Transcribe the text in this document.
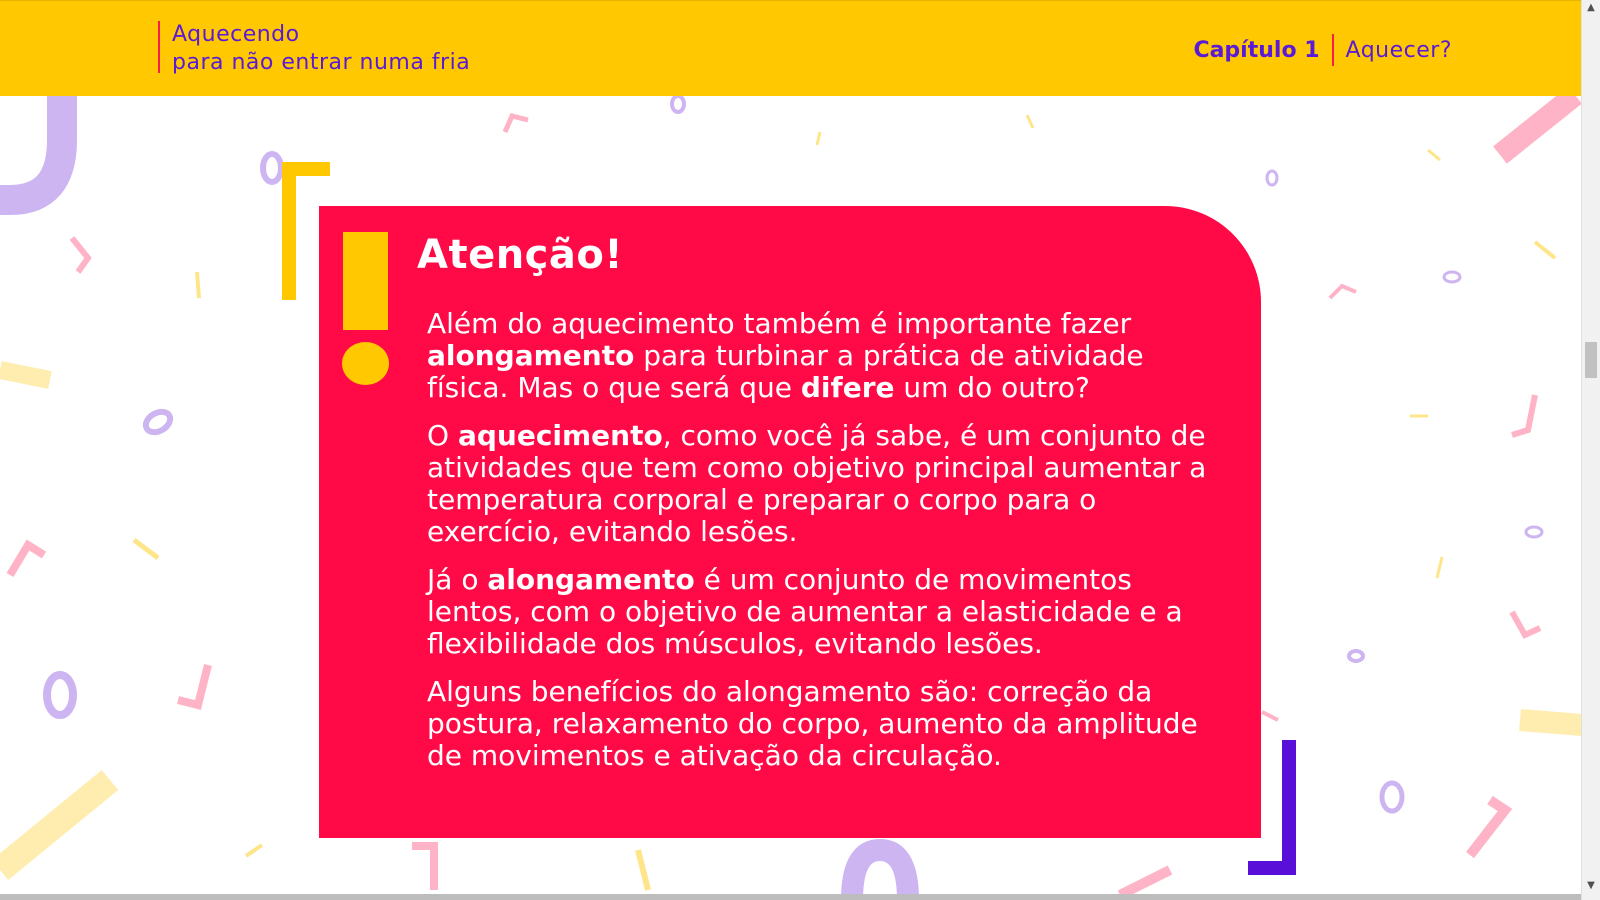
Aquecendo
para não entrar numa fria	Capítulo 1	Aquecer?
Atenção!

Além do aquecimento também é importante fazer alongamento para turbinar a prática de atividade física. Mas o que será que difere um do outro?

O aquecimento, como você já sabe, é um conjunto de atividades que tem como objetivo principal aumentar a temperatura corporal e preparar o corpo para o exercício, evitando lesões.

Já o alongamento é um conjunto de movimentos lentos, com o objetivo de aumentar a elasticidade e a flexibilidade dos músculos, evitando lesões.

Alguns benefícios do alongamento são: correção da postura, relaxamento do corpo, aumento da amplitude de movimentos e ativação da circulação.

▲
▼
